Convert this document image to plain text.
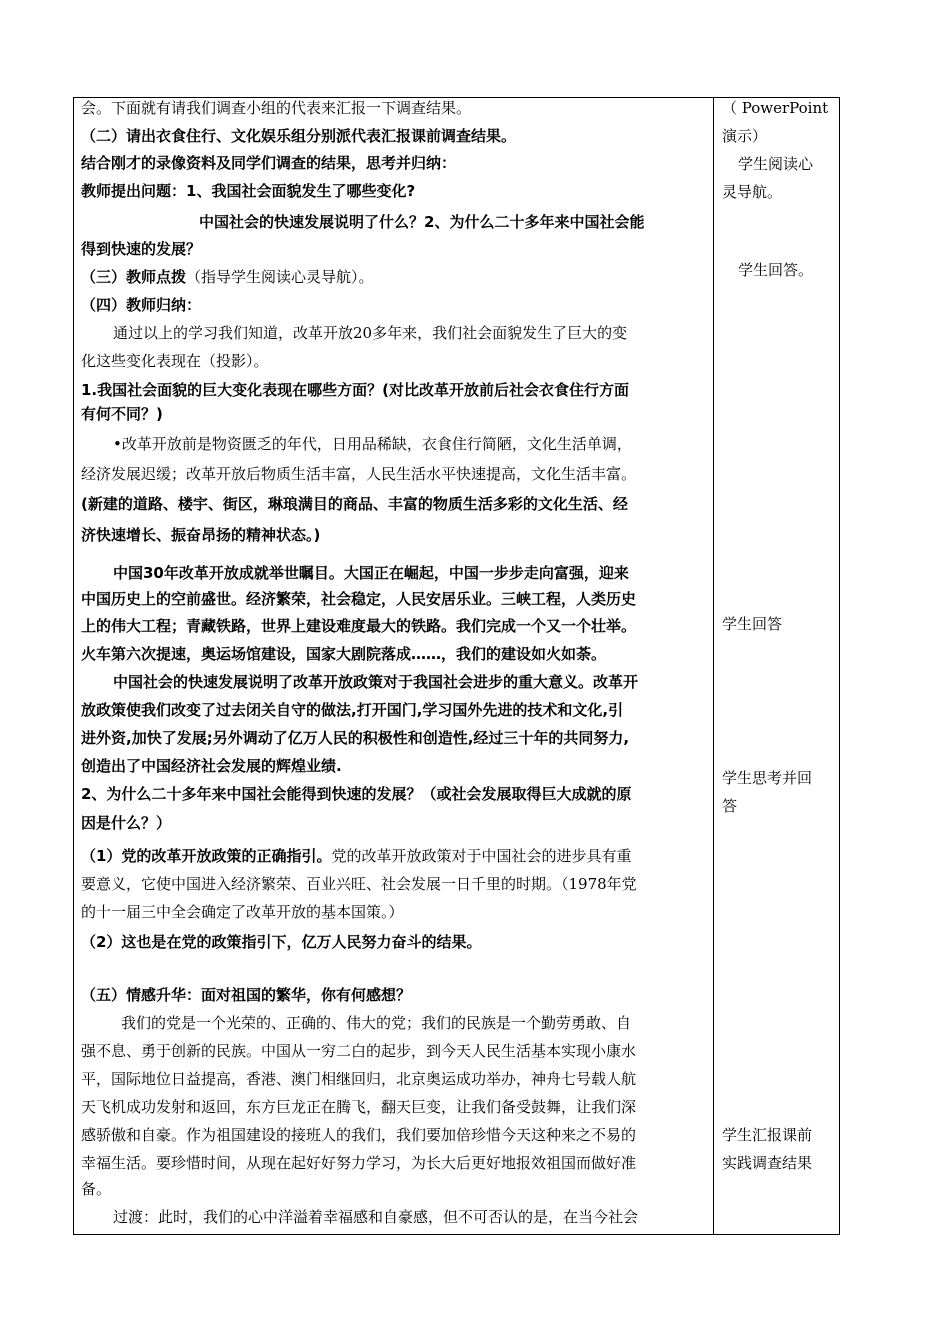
会。下面就有请我们调查小组的代表来汇报一下调查结果。
（二）请出衣食住行、文化娱乐组分别派代表汇报课前调查结果。
结合刚才的录像资料及同学们调查的结果，思考并归纳：
教师提出问题：1、我国社会面貌发生了哪些变化?
中国社会的快速发展说明了什么？2、为什么二十多年来中国社会能
得到快速的发展？
（三）教师点拨（指导学生阅读心灵导航）。
（四）教师归纳：
通过以上的学习我们知道，改革开放20多年来，我们社会面貌发生了巨大的变
化这些变化表现在（投影）。
1.我国社会面貌的巨大变化表现在哪些方面？(对比改革开放前后社会衣食住行方面
有何不同？)
•改革开放前是物资匮乏的年代，日用品稀缺，衣食住行简陋，文化生活单调，
经济发展迟缓；改革开放后物质生活丰富，人民生活水平快速提高，文化生活丰富。
(新建的道路、楼宇、街区，琳琅满目的商品、丰富的物质生活多彩的文化生活、经
济快速增长、振奋昂扬的精神状态。)
中国30年改革开放成就举世瞩目。大国正在崛起，中国一步步走向富强，迎来
中国历史上的空前盛世。经济繁荣，社会稳定，人民安居乐业。三峡工程，人类历史
上的伟大工程；青藏铁路，世界上建设难度最大的铁路。我们完成一个又一个壮举。
火车第六次提速，奥运场馆建设，国家大剧院落成……，我们的建设如火如荼。
中国社会的快速发展说明了改革开放政策对于我国社会进步的重大意义。改革开
放政策使我们改变了过去闭关自守的做法,打开国门,学习国外先进的技术和文化,引
进外资,加快了发展;另外调动了亿万人民的积极性和创造性,经过三十年的共同努力,
创造出了中国经济社会发展的辉煌业绩.
2、为什么二十多年来中国社会能得到快速的发展？（或社会发展取得巨大成就的原
因是什么？）
（1）党的改革开放政策的正确指引。党的改革开放政策对于中国社会的进步具有重
要意义，它使中国进入经济繁荣、百业兴旺、社会发展一日千里的时期。（1978年党
的十一届三中全会确定了改革开放的基本国策。）
（2）这也是在党的政策指引下，亿万人民努力奋斗的结果。
（五）情感升华：面对祖国的繁华，你有何感想？
我们的党是一个光荣的、正确的、伟大的党；我们的民族是一个勤劳勇敢、自
强不息、勇于创新的民族。中国从一穷二白的起步，到今天人民生活基本实现小康水
平，国际地位日益提高，香港、澳门相继回归，北京奥运成功举办，神舟七号载人航
天飞机成功发射和返回，东方巨龙正在腾飞，翻天巨变，让我们备受鼓舞，让我们深
感骄傲和自豪。作为祖国建设的接班人的我们，我们要加倍珍惜今天这种来之不易的
幸福生活。要珍惜时间，从现在起好好努力学习，为长大后更好地报效祖国而做好准
备。
过渡：此时，我们的心中洋溢着幸福感和自豪感，但不可否认的是，在当今社会
（ PowerPoint
演示）
学生阅读心
灵导航。
学生回答。
学生回答
学生思考并回
答
学生汇报课前
实践调查结果
